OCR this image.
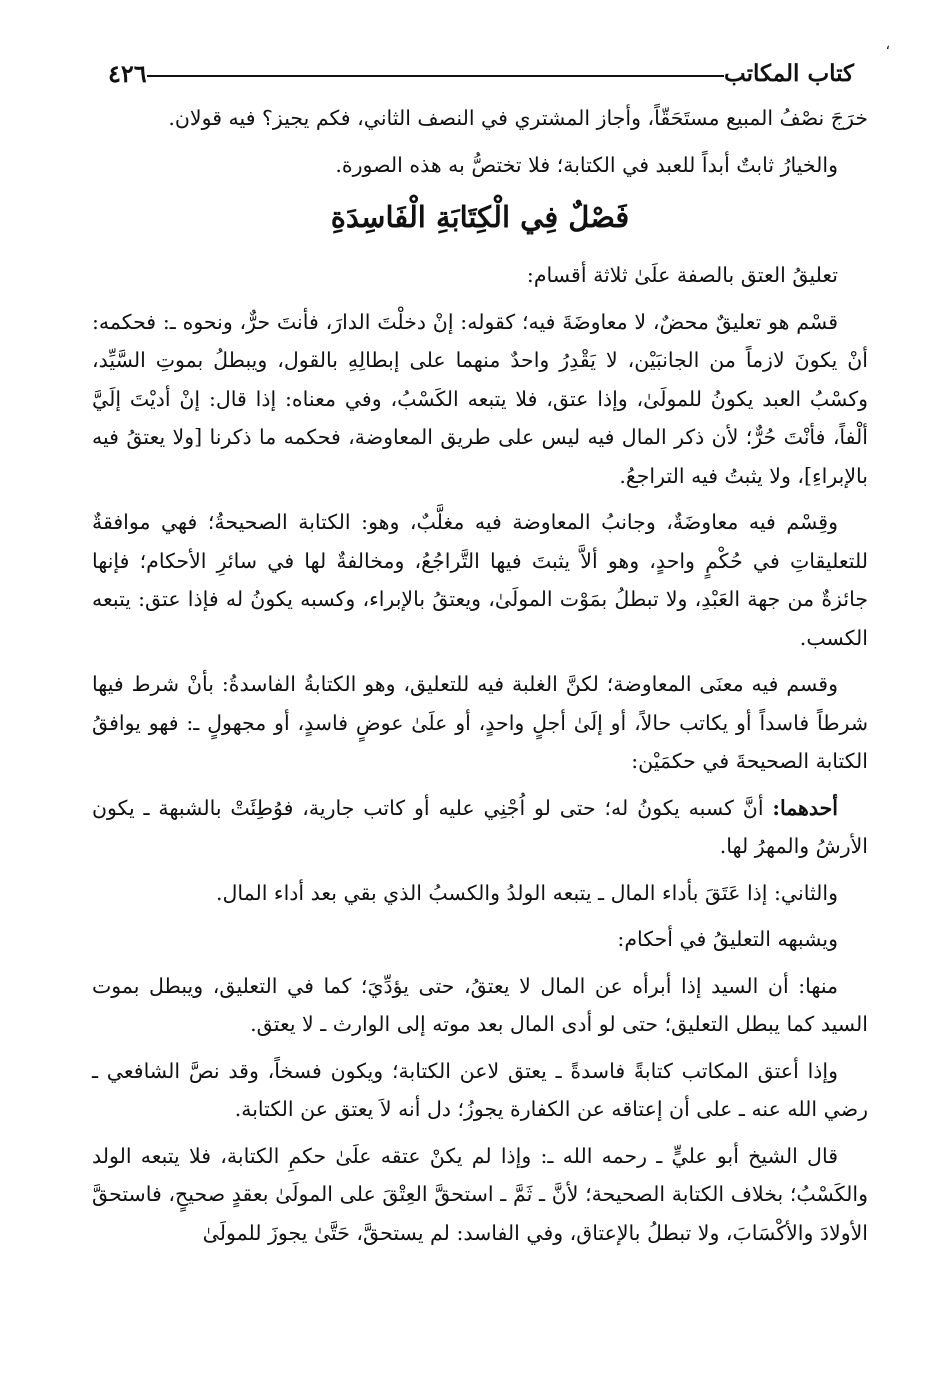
،
كتاب المكاتب
٤٢٦

خرَجَ نصْفُ المبيع مستَحَقّاً، وأجاز المشتري في النصف الثاني، فكم يجيز؟ فيه قولان.

والخيارُ ثابتٌ أبداً للعبد في الكتابة؛ فلا تختصُّ به هذه الصورة.

فَصْلٌ فِي الْكِتَابَةِ الْفَاسِدَةِ

تعليقُ العتق بالصفة علَىٰ ثلاثة أقسام:

قسْم هو تعليقٌ محضٌ، لا معاوضَةَ فيه؛ كقوله: إنْ دخلْتَ الدارَ، فأنتَ حرٌّ، ونحوه ـ: فحكمه: أنْ يكونَ لازماً من الجانبَيْن، لا يَقْدِرُ واحدٌ منهما على إبطالِهِ بالقول، ويبطلُ بموتِ السَّيِّد، وكسْبُ العبد يكونُ للمولَىٰ، وإذا عتق، فلا يتبعه الكَسْبُ، وفي معناه: إذا قال: إنْ أديْتَ إلَيَّ ألْفاً، فأنْتَ حُرٌّ؛ لأن ذكر المال فيه ليس على طريق المعاوضة، فحكمه ما ذكرنا [ولا يعتقُ فيه بالإبراءِ]، ولا يثبتُ فيه التراجعُ.

وقِسْم فيه معاوضَةٌ، وجانبُ المعاوضة فيه مغلَّبٌ، وهو: الكتابة الصحيحةُ؛ فهي موافقةٌ للتعليقاتِ في حُكْمٍ واحدٍ، وهو ألاَّ يثبتَ فيها التَّراجُعُ، ومخالفةٌ لها في سائرِ الأحكام؛ فإنها جائزةٌ من جهة العَبْدِ، ولا تبطلُ بمَوْت المولَىٰ، ويعتقُ بالإبراء، وكسبه يكونُ له فإذا عتق: يتبعه الكسب.

وقسم فيه معنَى المعاوضة؛ لكنَّ الغلبة فيه للتعليق، وهو الكتابةُ الفاسدةُ: بأنْ شرط فيها شرطاً فاسداً أو يكاتب حالاً، أو إلَىٰ أجلٍ واحدٍ، أو علَىٰ عوضٍ فاسدٍ، أو مجهولٍ ـ: فهو يوافقُ الكتابة الصحيحةَ في حكمَيْن:

أحدهما: أنَّ كسبه يكونُ له؛ حتى لو اُجْنِي عليه أو كاتب جارية، فوُطِئَتْ بالشبهة ـ يكون الأرشُ والمهرُ لها.

والثاني: إذا عَتَقَ بأداء المال ـ يتبعه الولدُ والكسبُ الذي بقي بعد أداء المال.

ويشبهه التعليقُ في أحكام:

منها: أن السيد إذا أبرأه عن المال لا يعتقُ، حتى يؤدِّيَ؛ كما في التعليق، ويبطل بموت السيد كما يبطل التعليق؛ حتى لو أدى المال بعد موته إلى الوارث ـ لا يعتق.

وإذا أعتق المكاتب كتابةً فاسدةً ـ يعتق لاعن الكتابة؛ ويكون فسخاً، وقد نصَّ الشافعي ـ رضي الله عنه ـ على أن إعتاقه عن الكفارة يجوزُ؛ دل أنه لاَ يعتق عن الكتابة.

قال الشيخ أبو عليٍّ ـ رحمه الله ـ: وإذا لم يكنْ عتقه علَىٰ حكمِ الكتابة، فلا يتبعه الولد والكَسْبُ؛ بخلاف الكتابة الصحيحة؛ لأنَّ ـ ثَمَّ ـ استحقَّ العِتْقَ على المولَىٰ بعقدٍ صحيحٍ، فاستحقَّ الأولادَ والأكْسَابَ، ولا تبطلُ بالإعتاق، وفي الفاسد: لم يستحقَّ، حَتَّىٰ يجوزَ للمولَىٰ
